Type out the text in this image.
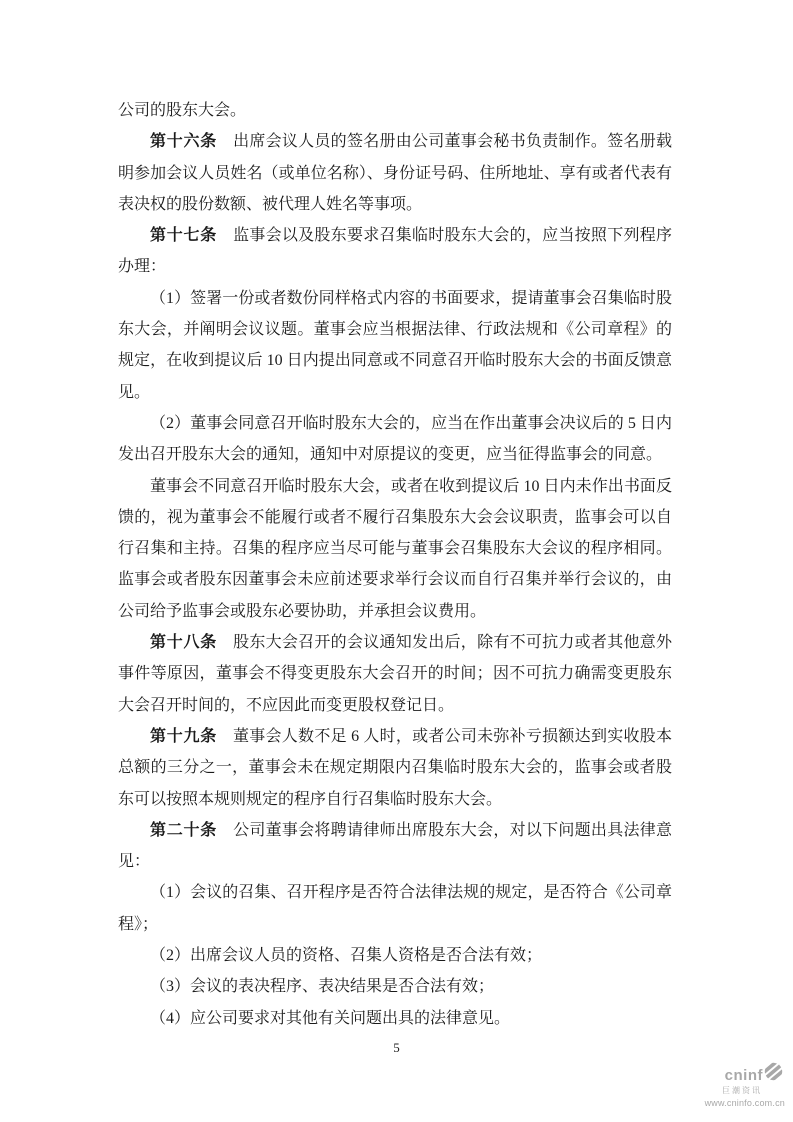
公司的股东大会。

第十六条 出席会议人员的签名册由公司董事会秘书负责制作。签名册载明参加会议人员姓名（或单位名称）、身份证号码、住所地址、享有或者代表有表决权的股份数额、被代理人姓名等事项。

第十七条 监事会以及股东要求召集临时股东大会的，应当按照下列程序办理：

（1）签署一份或者数份同样格式内容的书面要求，提请董事会召集临时股东大会，并阐明会议议题。董事会应当根据法律、行政法规和《公司章程》的规定，在收到提议后 10 日内提出同意或不同意召开临时股东大会的书面反馈意见。

（2）董事会同意召开临时股东大会的，应当在作出董事会决议后的 5 日内发出召开股东大会的通知，通知中对原提议的变更，应当征得监事会的同意。

董事会不同意召开临时股东大会，或者在收到提议后 10 日内未作出书面反馈的，视为董事会不能履行或者不履行召集股东大会会议职责，监事会可以自行召集和主持。召集的程序应当尽可能与董事会召集股东大会议的程序相同。监事会或者股东因董事会未应前述要求举行会议而自行召集并举行会议的，由公司给予监事会或股东必要协助，并承担会议费用。

第十八条 股东大会召开的会议通知发出后，除有不可抗力或者其他意外事件等原因，董事会不得变更股东大会召开的时间；因不可抗力确需变更股东大会召开时间的，不应因此而变更股权登记日。

第十九条 董事会人数不足 6 人时，或者公司未弥补亏损额达到实收股本总额的三分之一，董事会未在规定期限内召集临时股东大会的，监事会或者股东可以按照本规则规定的程序自行召集临时股东大会。

第二十条 公司董事会将聘请律师出席股东大会，对以下问题出具法律意见：

（1）会议的召集、召开程序是否符合法律法规的规定，是否符合《公司章程》；

（2）出席会议人员的资格、召集人资格是否合法有效；

（3）会议的表决程序、表决结果是否合法有效；

（4）应公司要求对其他有关问题出具的法律意见。

5
cninf
巨潮资讯
www.cninfo.com.cn
